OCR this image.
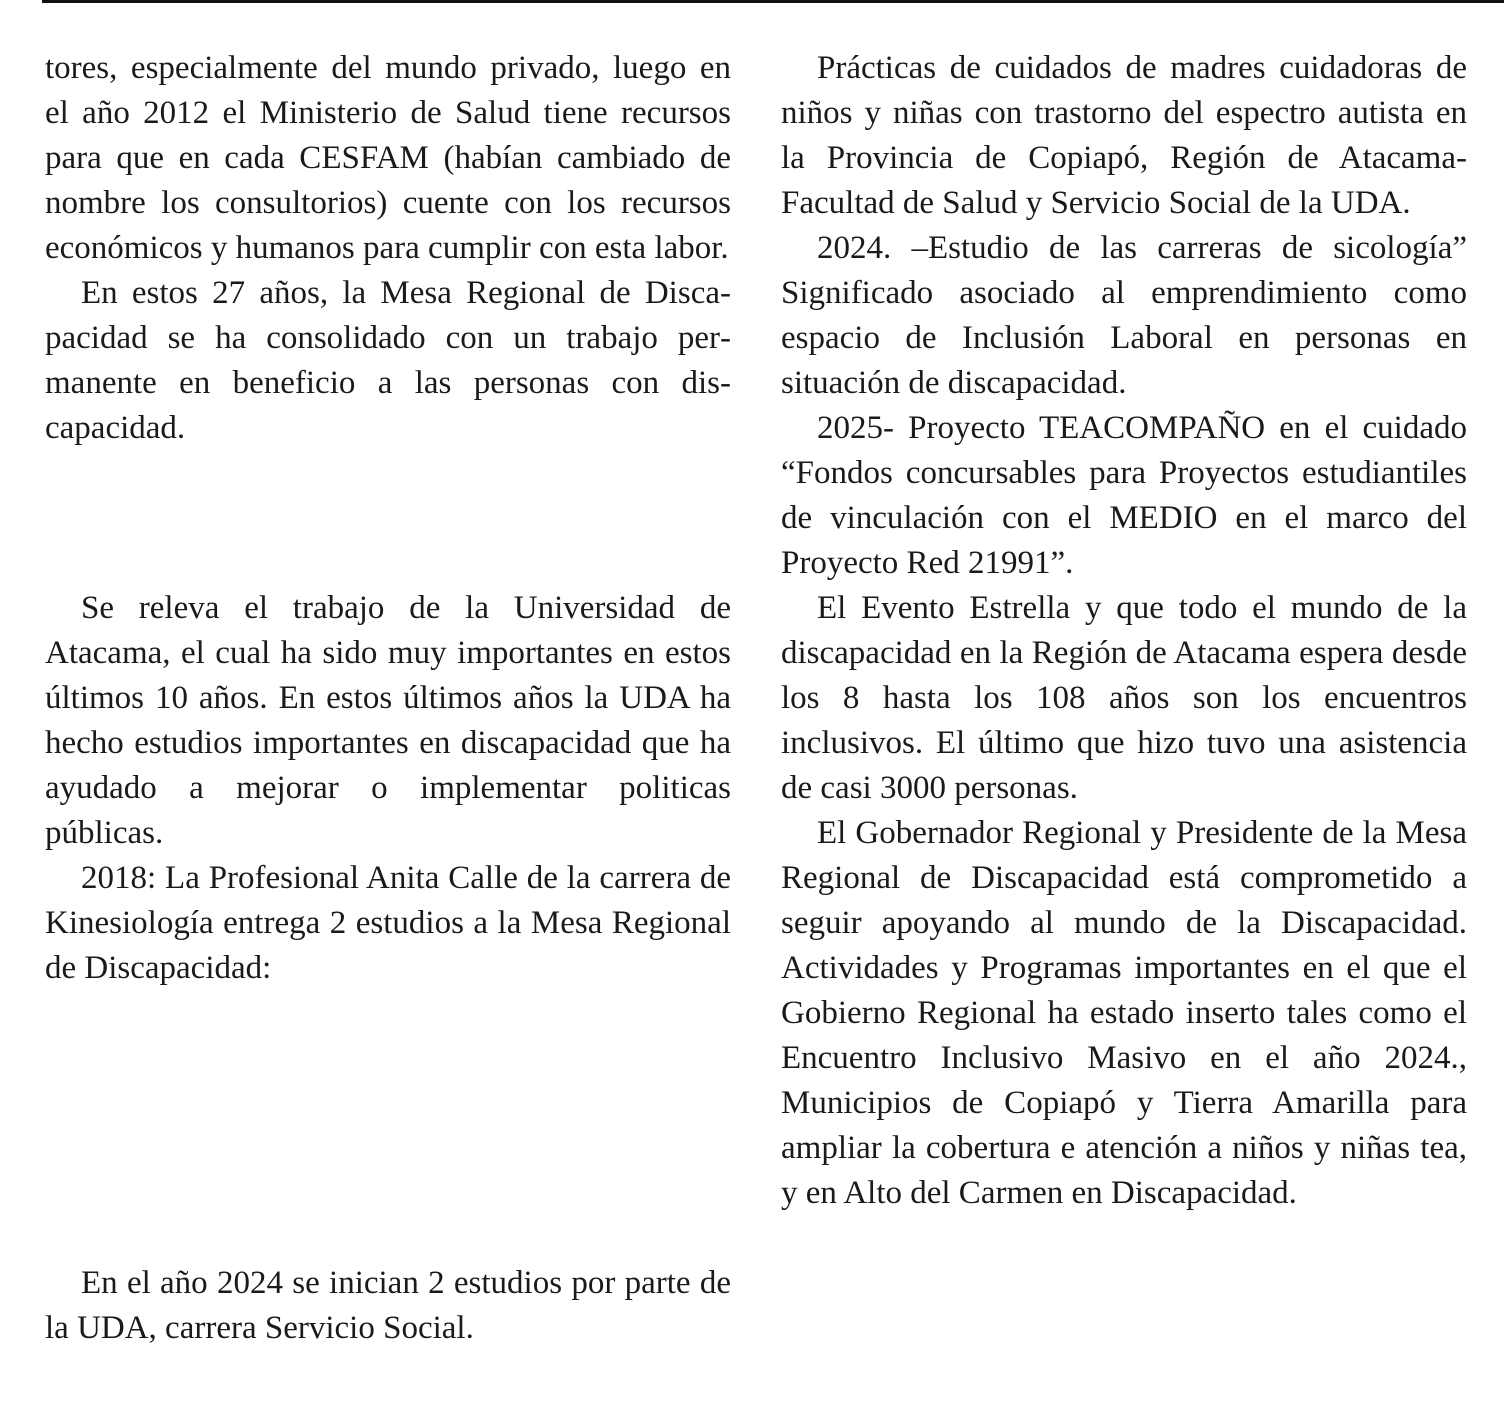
tores, especialmente del mundo privado, luego en el año 2012 el Ministerio de Salud tiene recursos para que en cada CESFAM (habían cambiado de nombre los consultorios) cuente con los recursos económicos y humanos para cumplir con esta labor.

En estos 27 años, la Mesa Regional de Discapacidad se ha consolidado con un trabajo permanente en beneficio a las personas con discapacidad.

Se releva el trabajo de la Universidad de Atacama, el cual ha sido muy importantes en estos últimos 10 años. En estos últimos años la UDA ha hecho estudios importantes en discapacidad que ha ayudado a mejorar o implementar politicas públicas.

2018: La Profesional Anita Calle de la carrera de Kinesiología entrega 2 estudios a la Mesa Regional de Discapacidad:

En el año 2024 se inician 2 estudios por parte de la UDA, carrera Servicio Social.

Prácticas de cuidados de madres cuidadoras de niños y niñas con trastorno del espectro autista en la Provincia de Copiapó, Región de Atacama- Facultad de Salud y Servicio Social de la UDA.

2024. –Estudio de las carreras de sicología” Significado asociado al emprendimiento como espacio de Inclusión Laboral en personas en situación de discapacidad.

2025- Proyecto TEACOMPAÑO en el cuidado “Fondos concursables para Proyectos estudiantiles de vinculación con el MEDIO en el marco del Proyecto Red 21991”.

El Evento Estrella y que todo el mundo de la discapacidad en la Región de Atacama espera desde los 8 hasta los 108 años son los encuentros inclusivos. El último que hizo tuvo una asistencia de casi 3000 personas.

El Gobernador Regional y Presidente de la Mesa Regional de Discapacidad está comprometido a seguir apoyando al mundo de la Discapacidad. Actividades y Programas importantes en el que el Gobierno Regional ha estado inserto tales como el Encuentro Inclusivo Masivo en el año 2024., Municipios de Copiapó y Tierra Amarilla para ampliar la cobertura e atención a niños y niñas tea, y en Alto del Carmen en Discapacidad.
